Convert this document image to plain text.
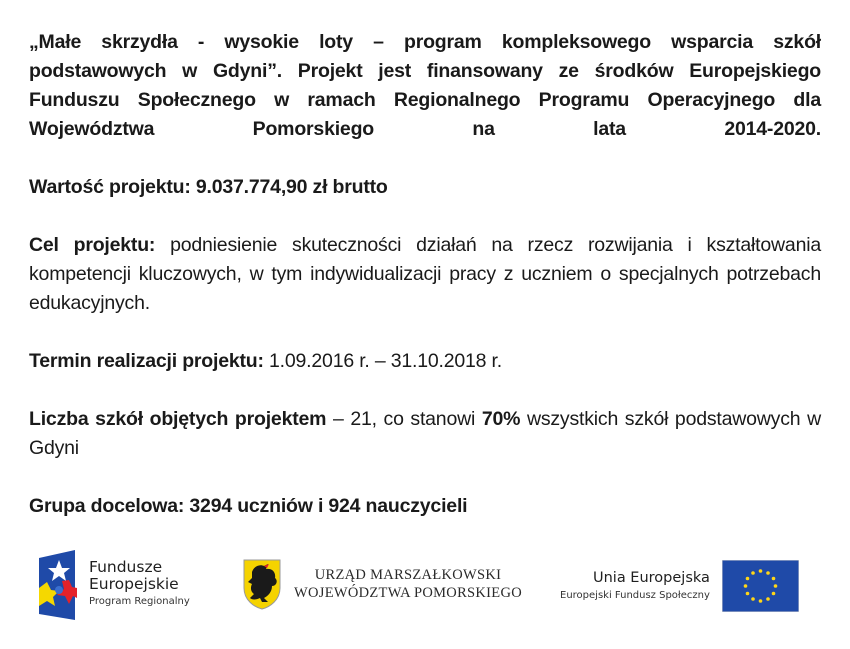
„Małe skrzydła - wysokie loty – program kompleksowego wsparcia szkół podstawowych w Gdyni”. Projekt jest finansowany ze środków Europejskiego Funduszu Społecznego w ramach Regionalnego Programu Operacyjnego dla Województwa Pomorskiego na lata 2014-2020.

Wartość projektu: 9.037.774,90 zł brutto

Cel projektu: podniesienie skuteczności działań na rzecz rozwijania i kształtowania kompetencji kluczowych, w tym indywidualizacji pracy z uczniem o specjalnych potrzebach edukacyjnych.

Termin realizacji projektu: 1.09.2016 r. – 31.10.2018 r.

Liczba szkół objętych projektem – 21, co stanowi 70% wszystkich szkół podstawowych w Gdyni

Grupa docelowa: 3294 uczniów i 924 nauczycieli

Fundusze
Europejskie
Program Regionalny
URZĄD MARSZAŁKOWSKI
WOJEWÓDZTWA POMORSKIEGO
Unia Europejska
Europejski Fundusz Społeczny
